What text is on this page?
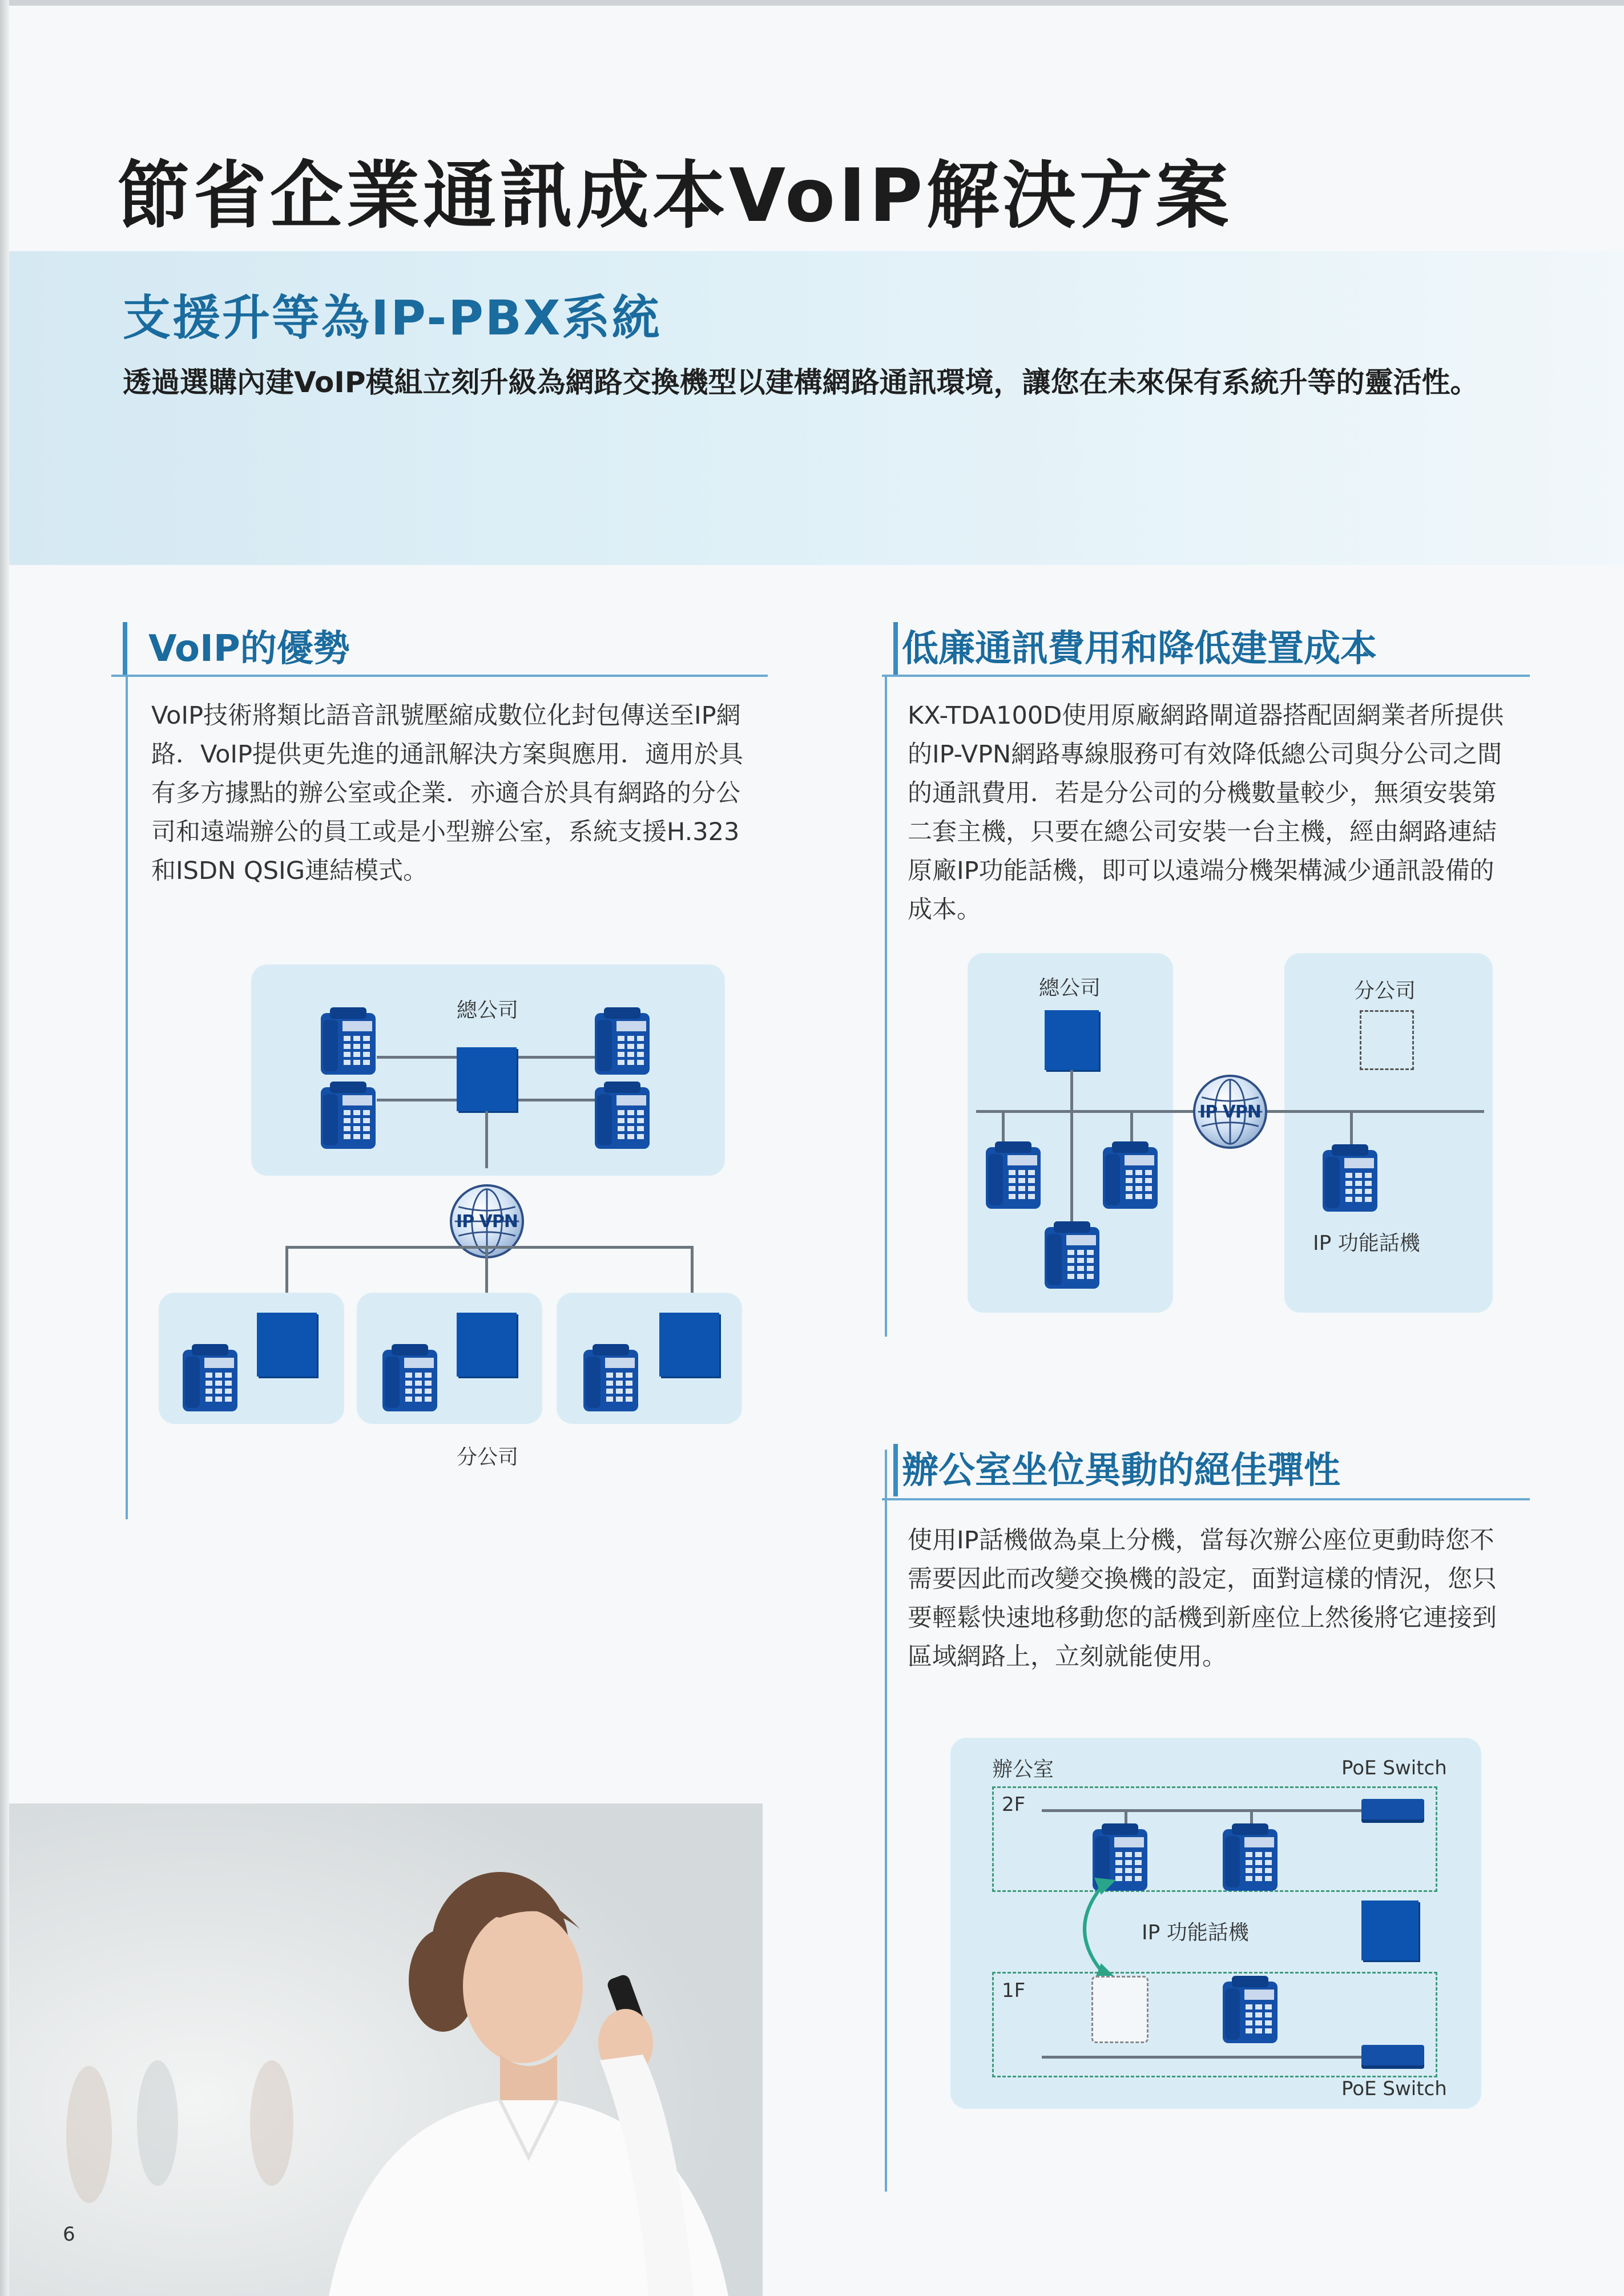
節省企業通訊成本VoIP解決方案
支援升等為IP-PBX系統
透過選購內建VoIP模組立刻升級為網路交換機型以建構網路通訊環境，讓您在未來保有系統升等的靈活性。
VoIP的優勢
VoIP技術將類比語音訊號壓縮成數位化封包傳送至IP網路．VoIP提供更先進的通訊解決方案與應用．適用於具有多方據點的辦公室或企業．亦適合於具有網路的分公司和遠端辦公的員工或是小型辦公室，系統支援H.323和ISDN QSIG連結模式。
總公司
IP VPN
分公司
低廉通訊費用和降低建置成本
KX-TDA100D使用原廠網路閘道器搭配固網業者所提供的IP-VPN網路專線服務可有效降低總公司與分公司之間的通訊費用．若是分公司的分機數量較少，無須安裝第二套主機，只要在總公司安裝一台主機，經由網路連結原廠IP功能話機，即可以遠端分機架構減少通訊設備的成本。
總公司	分公司
IP VPN
IP 功能話機
辦公室坐位異動的絕佳彈性
使用IP話機做為桌上分機，當每次辦公座位更動時您不需要因此而改變交換機的設定，面對這樣的情況，您只要輕鬆快速地移動您的話機到新座位上然後將它連接到區域網路上，立刻就能使用。
辦公室	PoE Switch
2F
IP 功能話機
1F
PoE Switch
6
